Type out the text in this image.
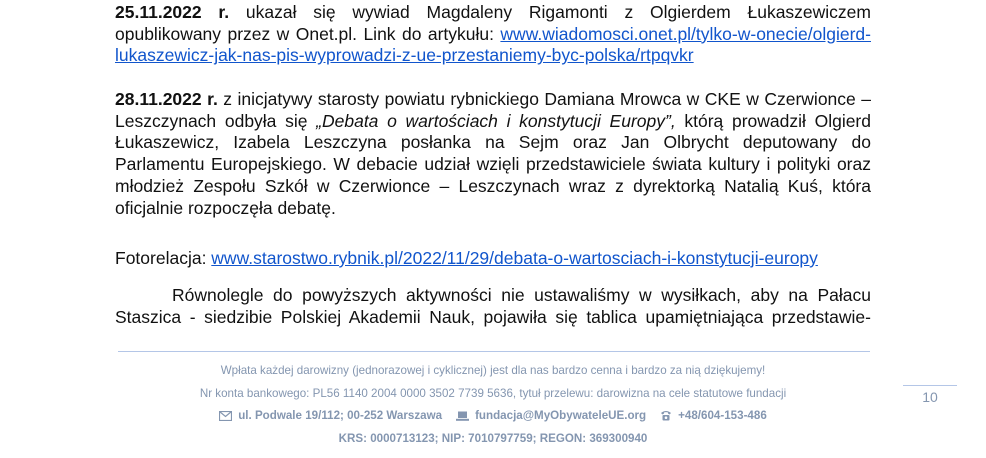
25.11.2022 r. ukazał się wywiad Magdaleny Rigamonti z Olgierdem Łukaszewiczem opublikowany przez w Onet.pl. Link do artykułu: www.wiadomosci.onet.pl/tylko-w-onecie/olgierd-lukaszewicz-jak-nas-pis-wyprowadzi-z-ue-przestaniemy-byc-polska/rtpqvkr

28.11.2022 r. z inicjatywy starosty powiatu rybnickiego Damiana Mrowca w CKE w Czerwionce – Leszczynach odbyła się „Debata o wartościach i konstytucji Europy”, którą prowadził Olgierd Łukaszewicz, Izabela Leszczyna posłanka na Sejm oraz Jan Olbrycht deputowany do Parlamentu Europejskiego. W debacie udział wzięli przedstawiciele świata kultury i polityki oraz młodzież Zespołu Szkół w Czerwionce – Leszczynach wraz z dyrektorką Natalią Kuś, która oficjalnie rozpoczęła debatę.

Fotorelacja: www.starostwo.rybnik.pl/2022/11/29/debata-o-wartosciach-i-konstytucji-europy

Równolegle do powyższych aktywności nie ustawaliśmy w wysiłkach, aby na Pałacu Staszica - siedzibie Polskiej Akademii Nauk, pojawiła się tablica upamiętniająca przedstawie-

Wpłata każdej darowizny (jednorazowej i cyklicznej) jest dla nas bardzo cenna i bardzo za nią dziękujemy!
Nr konta bankowego: PL56 1140 2004 0000 3502 7739 5636, tytuł przelewu: darowizna na cele statutowe fundacji
ul. Podwale 19/112; 00-252 Warszawa	fundacja@MyObywateleUE.org	+48/604-153-486
KRS: 0000713123; NIP: 7010797759; REGON: 369300940
10
